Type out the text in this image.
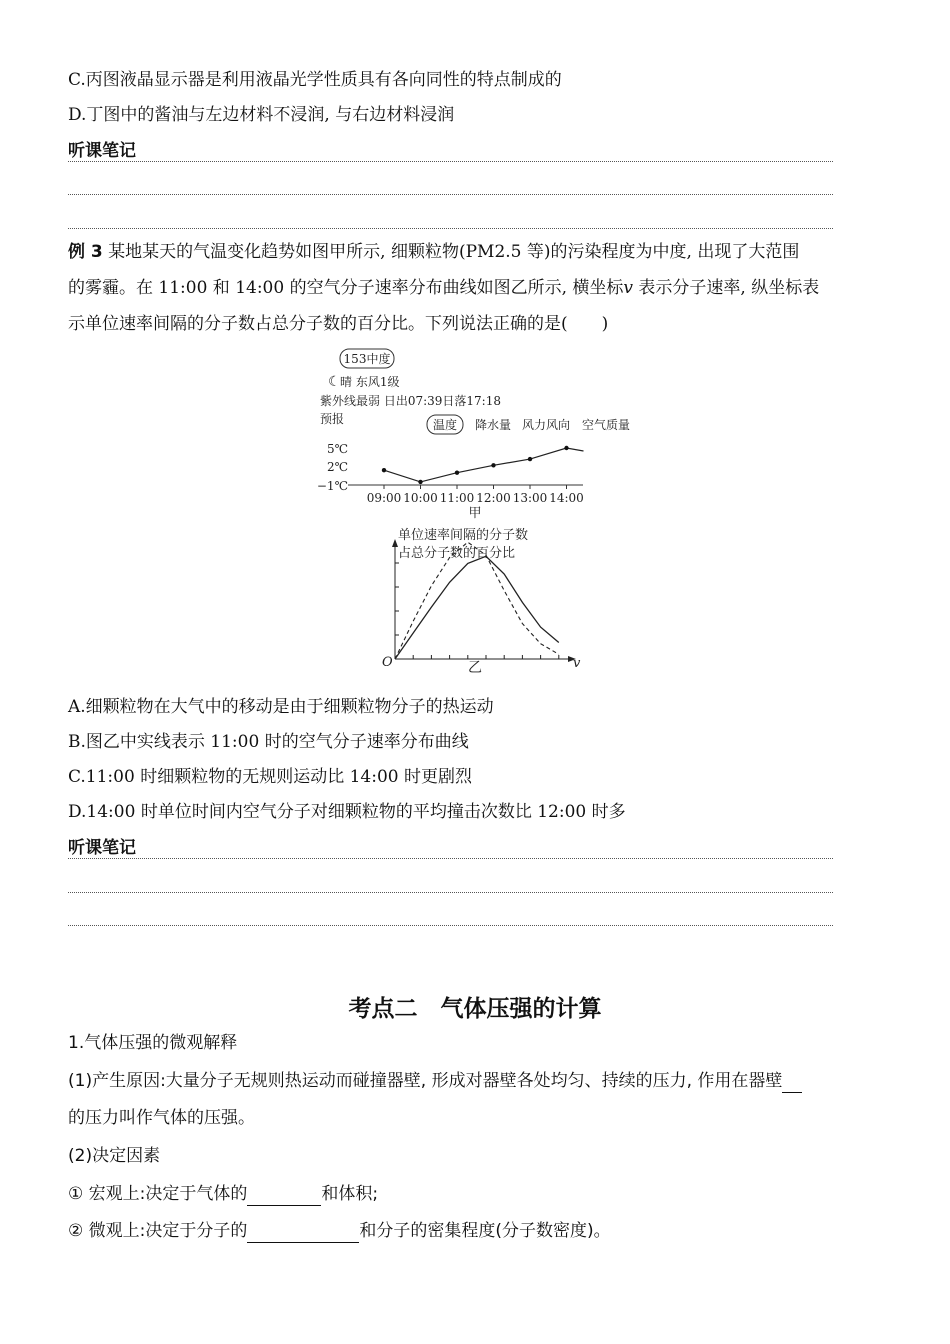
C.丙图液晶显示器是利用液晶光学性质具有各向同性的特点制成的
D.丁图中的酱油与左边材料不浸润, 与右边材料浸润
听课笔记
例 3 某地某天的气温变化趋势如图甲所示, 细颗粒物(PM2.5 等)的污染程度为中度, 出现了大范围
的雾霾。在 11:00 和 14:00 的空气分子速率分布曲线如图乙所示, 横坐标v 表示分子速率, 纵坐标表
示单位速率间隔的分子数占总分子数的百分比。下列说法正确的是(　　)
153中度
☾ 晴 东风1级
紫外线最弱 日出07:39日落17:18
预报	温度 降水量 风力风向 空气质量
5℃
2℃
−1℃
09:00 10:00 11:00 12:00 13:00 14:00
甲
单位速率间隔的分子数
占总分子数的百分比
O	v
乙
A.细颗粒物在大气中的移动是由于细颗粒物分子的热运动
B.图乙中实线表示 11:00 时的空气分子速率分布曲线
C.11:00 时细颗粒物的无规则运动比 14:00 时更剧烈
D.14:00 时单位时间内空气分子对细颗粒物的平均撞击次数比 12:00 时多
听课笔记
考点二　气体压强的计算
1.气体压强的微观解释
(1)产生原因:大量分子无规则热运动而碰撞器壁, 形成对器壁各处均匀、持续的压力, 作用在器壁
的压力叫作气体的压强。
(2)决定因素
① 宏观上:决定于气体的	和体积;
② 微观上:决定于分子的	和分子的密集程度(分子数密度)。
